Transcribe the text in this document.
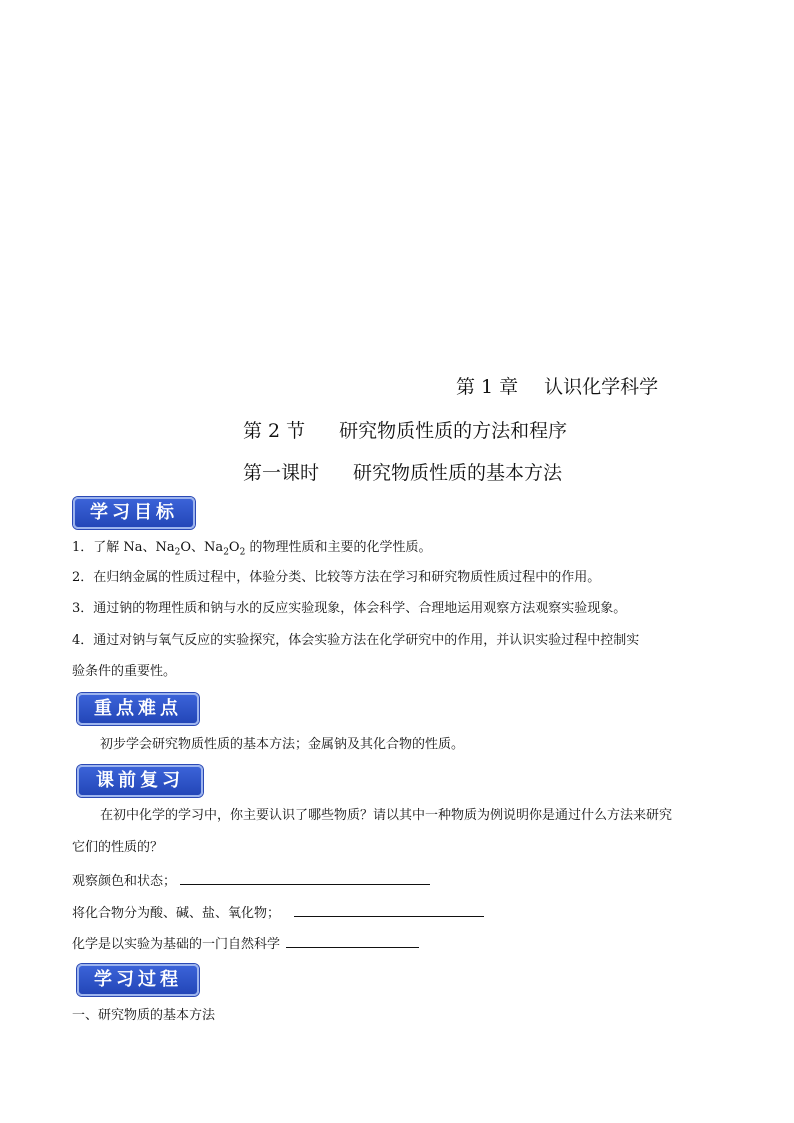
第 1 章 认识化学科学
第 2 节 研究物质性质的方法和程序
第一课时 研究物质性质的基本方法
学习目标
1．了解 Na、$Na_2O$、$Na_2O_2$ 的物理性质和主要的化学性质。
2．在归纳金属的性质过程中，体验分类、比较等方法在学习和研究物质性质过程中的作用。
3．通过钠的物理性质和钠与水的反应实验现象，体会科学、合理地运用观察方法观察实验现象。
4．通过对钠与氧气反应的实验探究，体会实验方法在化学研究中的作用，并认识实验过程中控制实
验条件的重要性。
重点难点
初步学会研究物质性质的基本方法；金属钠及其化合物的性质。
课前复习
在初中化学的学习中，你主要认识了哪些物质？请以其中一种物质为例说明你是通过什么方法来研究
它们的性质的？
观察颜色和状态；
将化合物分为酸、碱、盐、氧化物；
化学是以实验为基础的一门自然科学
学习过程
一、研究物质的基本方法
